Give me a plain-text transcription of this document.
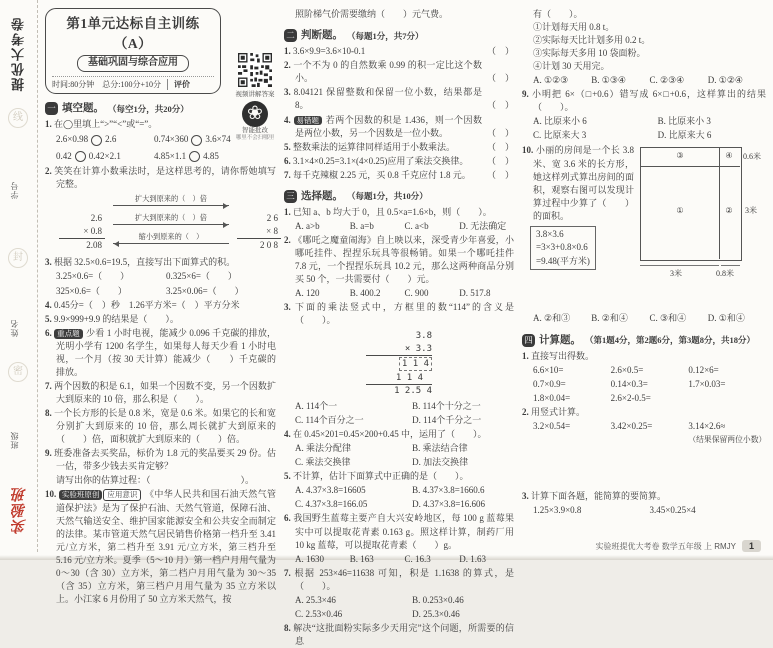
提优大考卷
线
学号
封
姓名
密
班级
实验班
第1单元达标自主训练（A）
基础巩固与综合应用
时间:80分钟　总分:100分+10分	评价
视频讲解答案
❀
智能批改
哪里不会扫哪里
一 填空题。 （每空1分，共20分）
1. 在◯里填上“>”“<”或“=”。
2.6×0.98 2.6	0.74×360 3.6×74
0.42 0.42×2.1	4.85×1.1 4.85
2. 笑笑在计算小数乘法时，是这样思考的，请你帮她填写完整。
2.6
× 0.8
2.08
扩大到原来的（　）倍
扩大到原来的（　）倍
缩小到原来的（　）
2 6
× 8
2 0 8
3. 根据 32.5×0.6=19.5，直接写出下面算式的积。
3.25×0.6=（　　）	0.325×6=（　　）
325×0.6=（　　）	3.25×0.06=（　　）
4. 0.45分=（　）秒　 1.26平方米=（　）平方分米
5. 9.9×999+9.9 的结果是（　　）。
6. 重点题 少看 1 小时电视，能减少 0.096 千克碳的排放，光明小学有 1200 名学生，如果每人每天少看 1 小时电视，一个月（按 30 天计算）能减少（　　）千克碳的排放。
7. 两个因数的积是 6.1，如果一个因数不变，另一个因数扩大到原来的 10 倍，那么积是（　　）。
8. 一个长方形的长是 0.8 米，宽是 0.6 米。如果它的长和宽分别扩大到原来的 10 倍，那么周长就扩大到原来的（　　）倍，面积就扩大到原来的（　　）倍。
9. 班委准备去买奖品，标价为 1.8 元的奖品要买 29 份。估一估，带多少钱去买肯定够？
请写出你的估算过程：（　　　　　　　　　　）。
10. 实验班原创 应用意识 《中华人民共和国石油天然气管道保护法》是为了保护石油、天然气管道，保障石油、天然气输送安全、维护国家能源安全和公共安全而制定的法律。某市管道天然气居民销售价格第一档升至 3.41 元/立方米，第二档升至 3.91 元/立方米，第三档升至 5.16 元/立方米。夏季（5～10 月）第一档户月用气量为 0～30（含 30）立方米，第二档户月用气量为 30～35（含 35）立方米，第三档户月用气量为 35 立方米以上。小江家 6 月份用了 50 立方米天然气，按
照阶梯气价需要缴纳（　　）元气费。
二 判断题。 （每题1分，共7分）
1. 3.6×9.9=3.6×10-0.1	（　）
2. 一个不为 0 的自然数乘 0.99 的积一定比这个数小。	（　）
3. 8.04121 保留整数和保留一位小数，结果都是 8。	（　）
4. 易错题 若两个因数的积是 1.436，则一个因数是两位小数，另一个因数是一位小数。	（　）
5. 整数乘法的运算律同样适用于小数乘法。	（　）
6. 3.1×4×0.25=3.1×(4×0.25)应用了乘法交换律。	（　）
7. 每千克辣椒 2.25 元，买 0.8 千克应付 1.8 元。	（　）
三 选择题。 （每题1分，共10分）
1. 已知 a、b 均大于 0，且 0.5×a=1.6×b，则（　　）。
A. a>b	B. a=b	C. a<b	D. 无法确定
2. 《哪吒之魔童闹海》自上映以来，深受青少年喜爱，小哪吒挂件、捏捏乐玩具等很畅销。如果一个哪吒挂件 7.8 元，一个捏捏乐玩具 10.2 元，那么这两种商品分别买 50 个，一共需要付（　　）元。
A. 120	B. 400.2	C. 900	D. 517.8
3. 下面的乘法竖式中，方框里的数“114”的含义是（　　）。
3.8
× 3.3
1 1 4
1 1 4
1 2.5 4
A. 114个一	B. 114个十分之一
C. 114个百分之一	D. 114个千分之一
4. 在 0.45×201=0.45×200+0.45 中，运用了（　　）。
A. 乘法分配律	B. 乘法结合律
C. 乘法交换律	D. 加法交换律
5. 不计算，估计下面算式中正确的是（　　）。
A. 4.37×3.8=16605	B. 4.37×3.8=1660.6
C. 4.37×3.8=166.05	D. 4.37×3.8=16.606
6. 我国野生蓝莓主要产自大兴安岭地区，每 100 g 蓝莓果实中可以提取花青素 0.163 g。照这样计算，制药厂用 10 kg 蓝莓，可以提取花青素（　　）g。
A. 1630	B. 163	C. 16.3	D. 1.63
7. 根据 253×46=11638 可知，积是 1.1638 的算式，是（　　）。
A. 25.3×46	B. 0.253×0.46
C. 2.53×0.46	D. 25.3×0.46
8. 解决“这批面粉实际多少天用完”这个问题，所需要的信息
有（　　）。
①计划每天用 0.8 t。
②实际每天比计划多用 0.2 t。
③实际每天多用 10 袋面粉。
④计划 30 天用完。
A. ①②③	B. ①③④	C. ②③④	D. ①②④
9. 小明把 6×（□+0.6）错写成 6×□+0.6，这样算出的结果（　　）。
A. 比原来小 6	B. 比原来小 3
C. 比原来大 3	D. 比原来大 6
10. 小丽的房间是一个长 3.8 米、宽 3.6 米的长方形，她这样列式算出房间的面积，观察右图可以发现计算过程中少算了（　　）的面积。
3.8×3.6
=3×3+0.8×0.6
=9.48(平方米)
③	④
①	②
0.6米
3米
3米	0.8米
A. ②和③	B. ②和④	C. ③和④	D. ①和④
四 计算题。 （第1题4分，第2题6分，第3题8分，共18分）
1. 直接写出得数。
6.6×10=	2.6×0.5=	0.12×6=
0.7×0.9=	0.14×0.3=	1.7×0.03=
1.8×0.04=	2.6×2-0.5=
2. 用竖式计算。
3.2×0.54=	3.42×0.25=	3.14×2.6≈
（结果保留两位小数）
3. 计算下面各题，能简算的要简算。
1.25×3.9×0.8	3.45×0.25×4
实验班提优大考卷 数学五年级 上 RMJY	1
